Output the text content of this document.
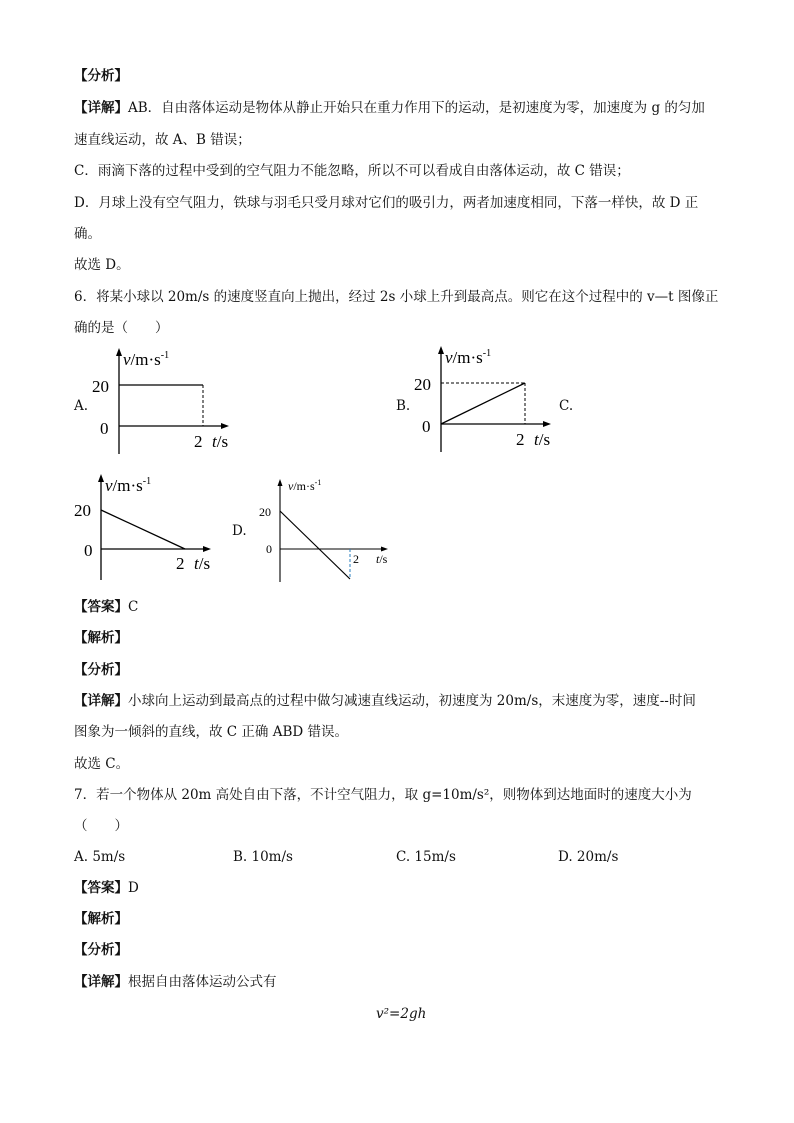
【分析】
【详解】AB．自由落体运动是物体从静止开始只在重力作用下的运动，是初速度为零，加速度为 g 的匀加
速直线运动，故 A、B 错误；
C．雨滴下落的过程中受到的空气阻力不能忽略，所以不可以看成自由落体运动，故 C 错误；
D．月球上没有空气阻力，铁球与羽毛只受月球对它们的吸引力，两者加速度相同，下落一样快，故 D 正
确。
故选 D。
6．将某小球以 20m/s 的速度竖直向上抛出，经过 2s 小球上升到最高点。则它在这个过程中的 v—t 图像正
确的是（　　）
A.	B.	C.
D.
$v/m\cdot s^{-1}$
20
0
2 t/s
$v/m\cdot s^{-1}$
20
0
2 t/s
$v/m\cdot s^{-1}$
20
0
2 t/s
$v/m\cdot s^{-1}$
20
0
2 t/s
【答案】C
【解析】
【分析】
【详解】小球向上运动到最高点的过程中做匀减速直线运动，初速度为 20m/s，末速度为零，速度--时间
图象为一倾斜的直线，故 C 正确 ABD 错误。
故选 C。
7．若一个物体从 20m 高处自由下落，不计空气阻力，取 g=10m/s²，则物体到达地面时的速度大小为
（　　）
A. 5m/s	B. 10m/s	C. 15m/s	D. 20m/s
【答案】D
【解析】
【分析】
【详解】根据自由落体运动公式有
v²=2gh
